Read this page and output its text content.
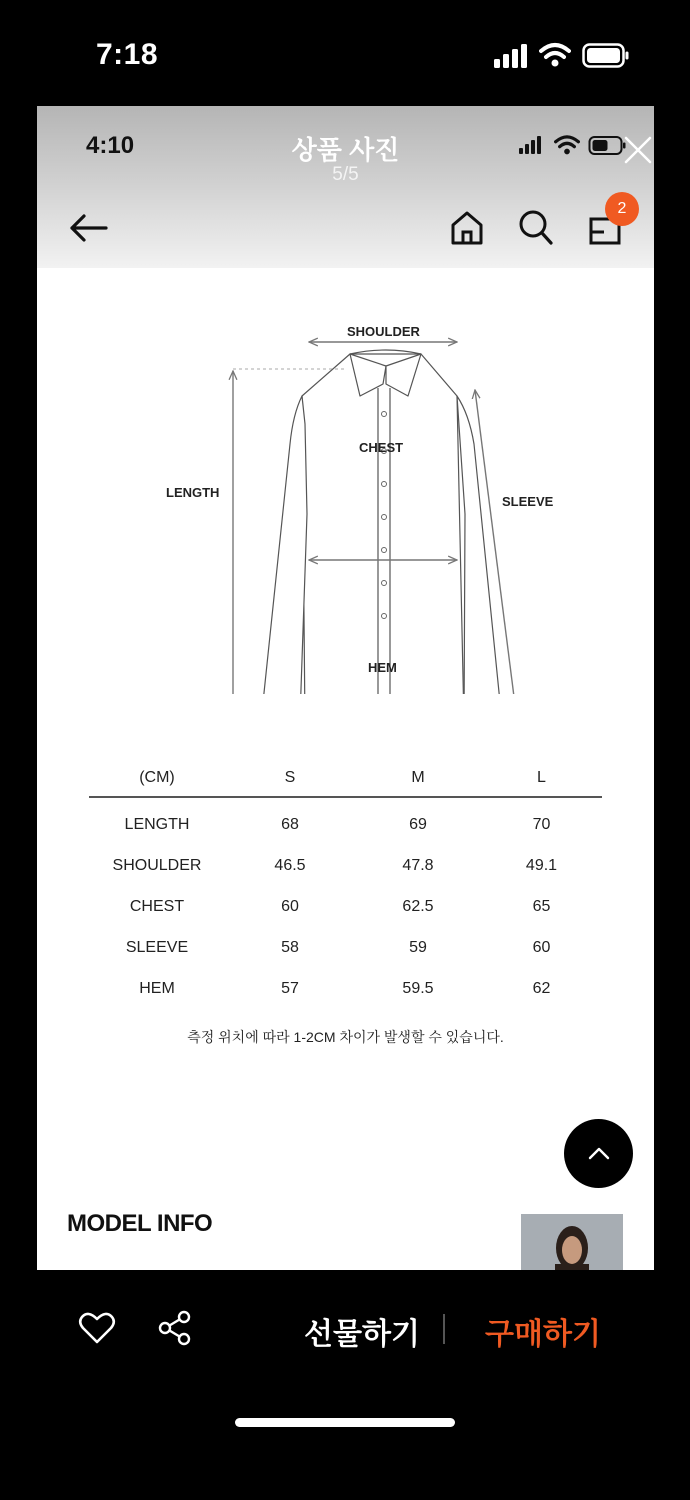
7:18
4:10	상품 사진
5/5
2
SHOULDER
CHEST
LENGTH
SLEEVE
HEM
(CM)	S	M	L
LENGTH	68	69	70
SHOULDER	46.5	47.8	49.1
CHEST	60	62.5	65
SLEEVE	58	59	60
HEM	57	59.5	62
측정 위치에 따라 1-2CM 차이가 발생할 수 있습니다.
MODEL INFO
선물하기 구매하기
